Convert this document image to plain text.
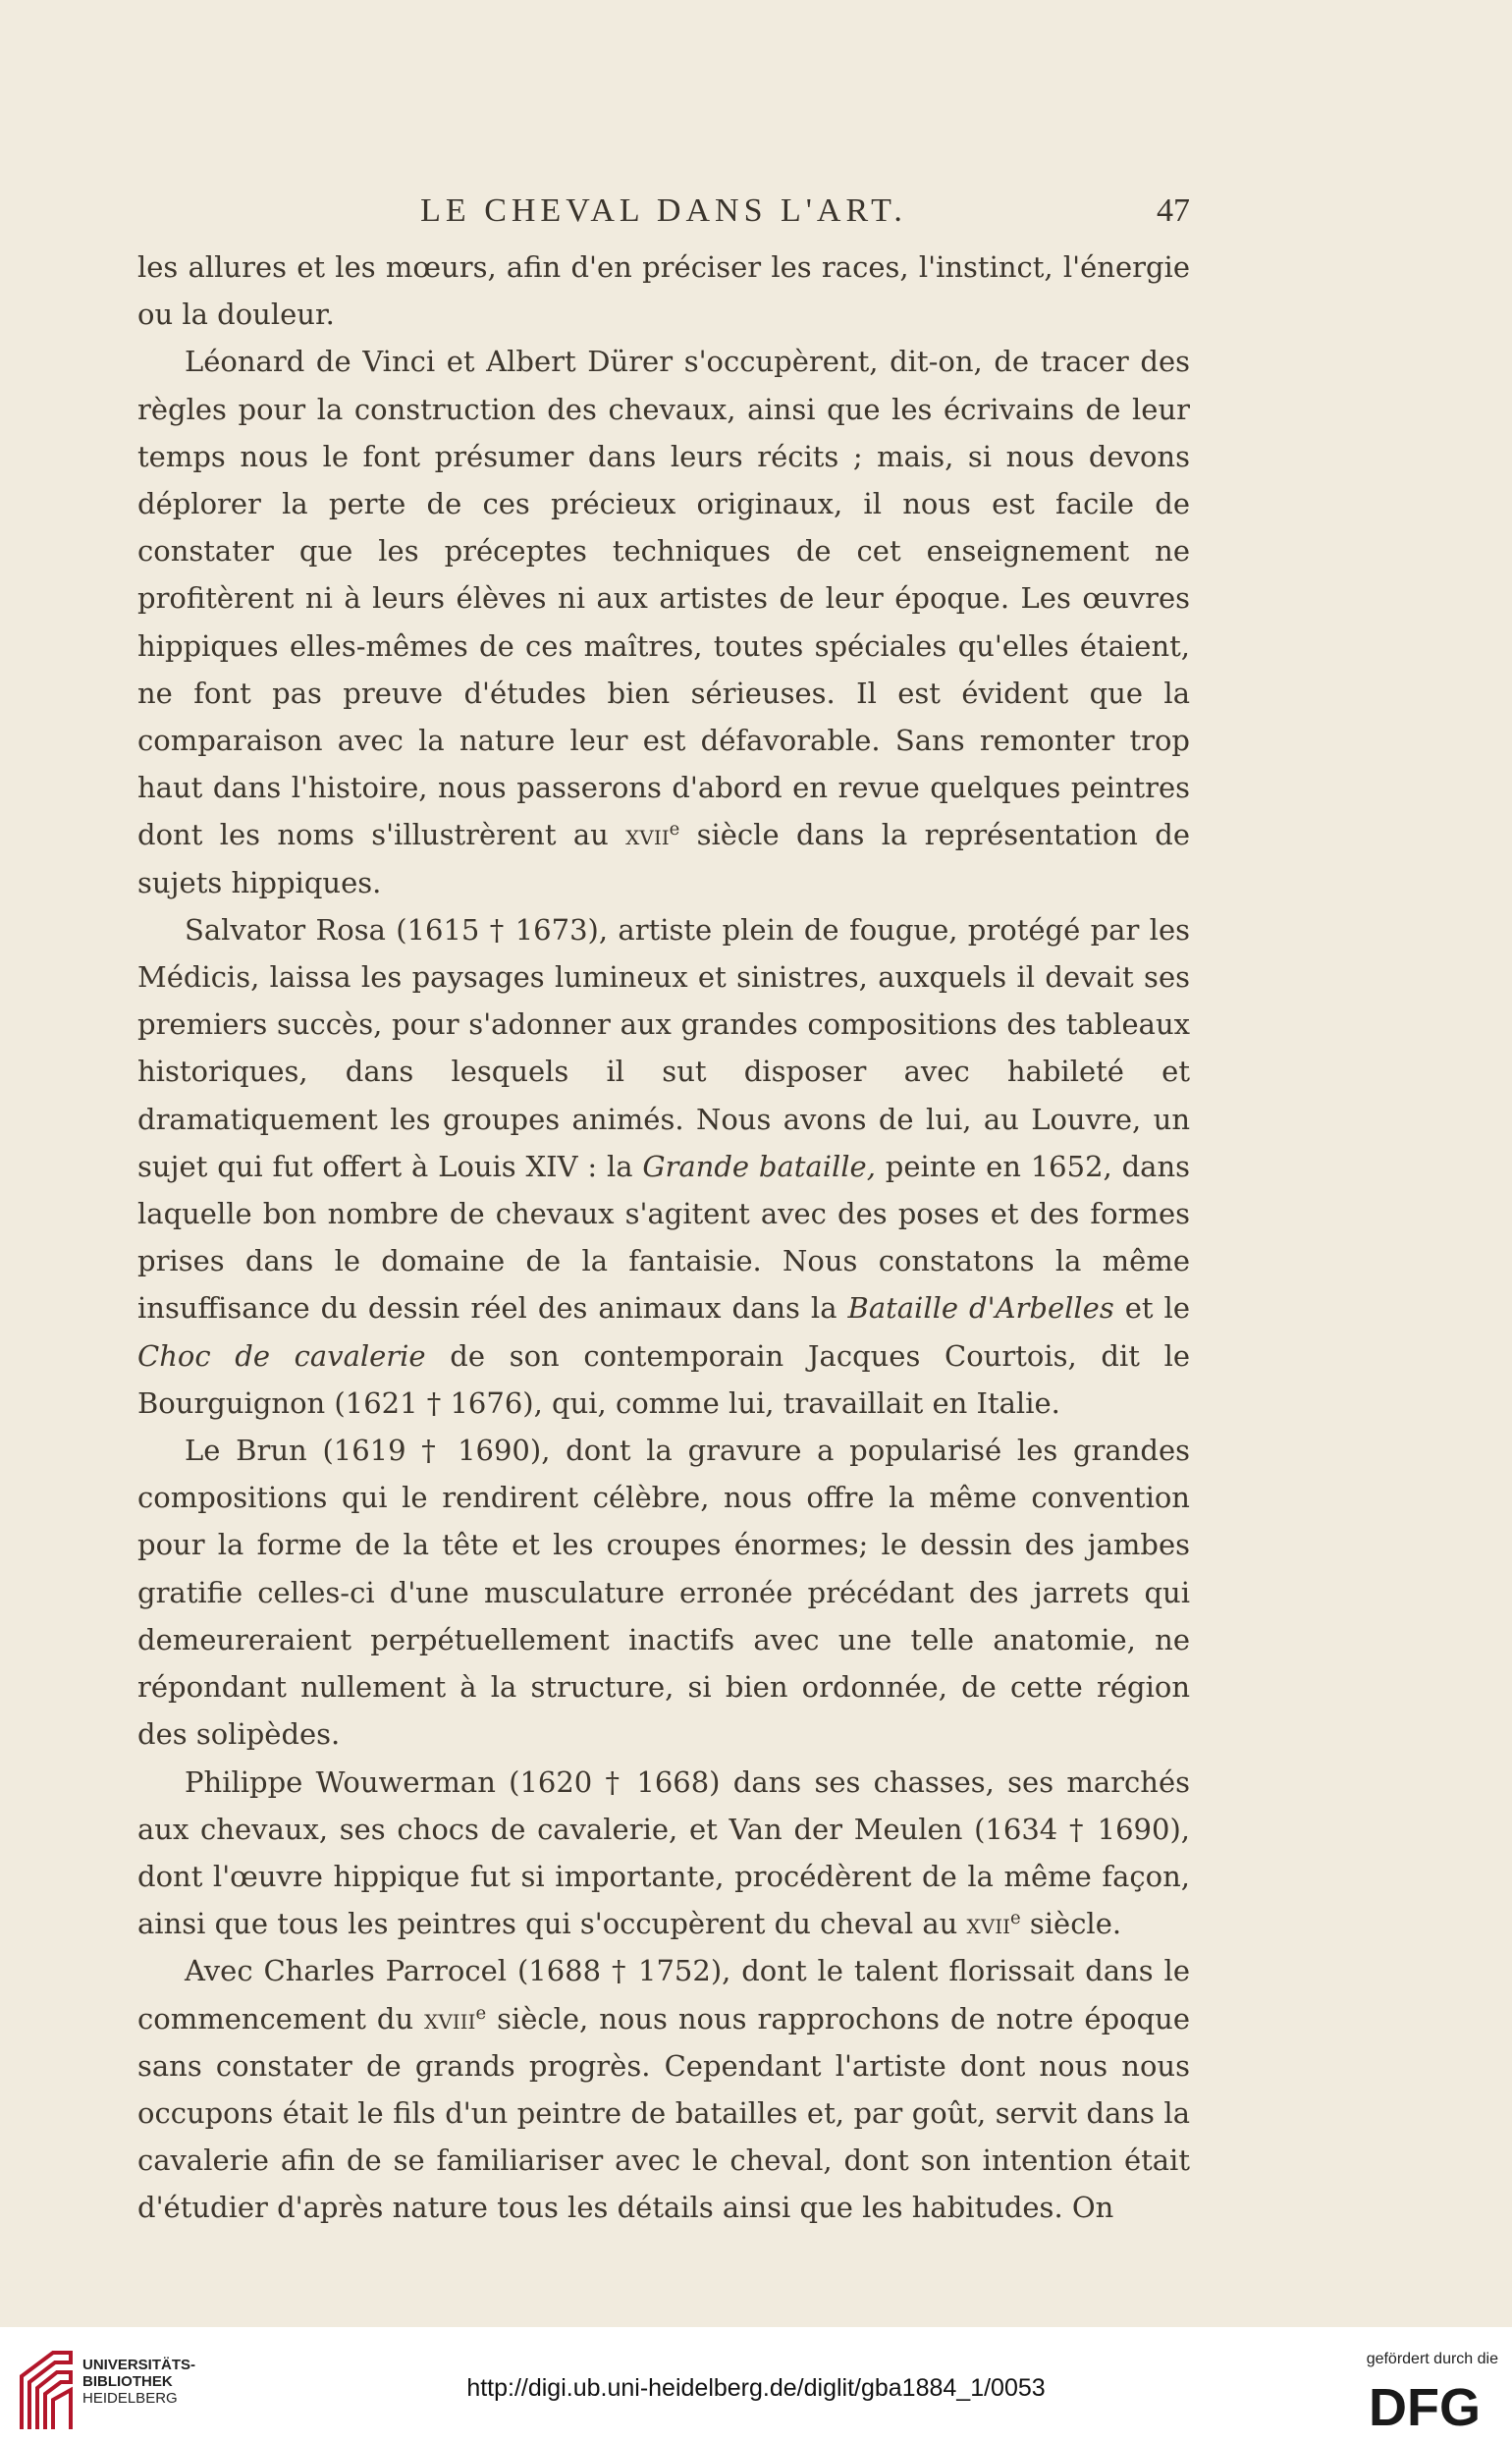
LE CHEVAL DANS L'ART.	47

les allures et les mœurs, afin d'en préciser les races, l'instinct, l'énergie ou la douleur.

Léonard de Vinci et Albert Dürer s'occupèrent, dit-on, de tracer des règles pour la construction des chevaux, ainsi que les écrivains de leur temps nous le font présumer dans leurs récits ; mais, si nous devons déplorer la perte de ces précieux originaux, il nous est facile de constater que les préceptes techniques de cet enseignement ne profitèrent ni à leurs élèves ni aux artistes de leur époque. Les œuvres hippiques elles-mêmes de ces maîtres, toutes spéciales qu'elles étaient, ne font pas preuve d'études bien sérieuses. Il est évident que la comparaison avec la nature leur est défavorable. Sans remonter trop haut dans l'histoire, nous passerons d'abord en revue quelques peintres dont les noms s'illustrèrent au xvii$^e$ siècle dans la représentation de sujets hippiques.

Salvator Rosa (1615 † 1673), artiste plein de fougue, protégé par les Médicis, laissa les paysages lumineux et sinistres, auxquels il devait ses premiers succès, pour s'adonner aux grandes compositions des tableaux historiques, dans lesquels il sut disposer avec habileté et dramatiquement les groupes animés. Nous avons de lui, au Louvre, un sujet qui fut offert à Louis XIV : la Grande bataille, peinte en 1652, dans laquelle bon nombre de chevaux s'agitent avec des poses et des formes prises dans le domaine de la fantaisie. Nous constatons la même insuffisance du dessin réel des animaux dans la Bataille d'Arbelles et le Choc de cavalerie de son contemporain Jacques Courtois, dit le Bourguignon (1621 † 1676), qui, comme lui, travaillait en Italie.

Le Brun (1619 † 1690), dont la gravure a popularisé les grandes compositions qui le rendirent célèbre, nous offre la même convention pour la forme de la tête et les croupes énormes; le dessin des jambes gratifie celles-ci d'une musculature erronée précédant des jarrets qui demeureraient perpétuellement inactifs avec une telle anatomie, ne répondant nullement à la structure, si bien ordonnée, de cette région des solipèdes.

Philippe Wouwerman (1620 † 1668) dans ses chasses, ses marchés aux chevaux, ses chocs de cavalerie, et Van der Meulen (1634 † 1690), dont l'œuvre hippique fut si importante, procédèrent de la même façon, ainsi que tous les peintres qui s'occupèrent du cheval au xvii$^e$ siècle.

Avec Charles Parrocel (1688 † 1752), dont le talent florissait dans le commencement du xviii$^e$ siècle, nous nous rapprochons de notre époque sans constater de grands progrès. Cependant l'artiste dont nous nous occupons était le fils d'un peintre de batailles et, par goût, servit dans la cavalerie afin de se familiariser avec le cheval, dont son intention était d'étudier d'après nature tous les détails ainsi que les habitudes. On

UNIVERSITÄTS-
BIBLIOTHEK
HEIDELBERG	http://digi.ub.uni-heidelberg.de/diglit/gba1884_1/0053
gefördert durch die
DFG
